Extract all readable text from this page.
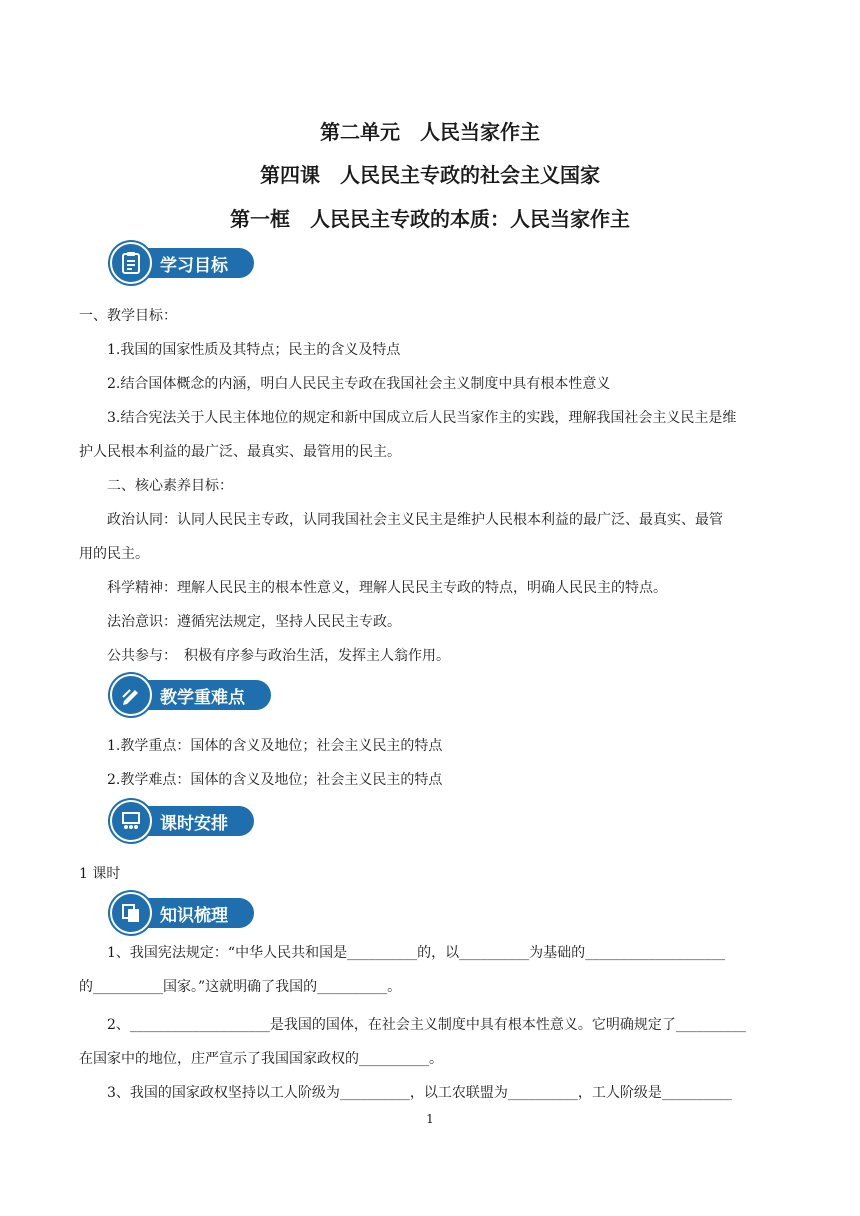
第二单元　人民当家作主
第四课　人民民主专政的社会主义国家
第一框　人民民主专政的本质：人民当家作主
学习目标
一、教学目标：
1.我国的国家性质及其特点；民主的含义及特点
2.结合国体概念的内涵，明白人民民主专政在我国社会主义制度中具有根本性意义
3.结合宪法关于人民主体地位的规定和新中国成立后人民当家作主的实践，理解我国社会主义民主是维
护人民根本利益的最广泛、最真实、最管用的民主。
二、核心素养目标：
政治认同：认同人民民主专政，认同我国社会主义民主是维护人民根本利益的最广泛、最真实、最管
用的民主。
科学精神：理解人民民主的根本性意义，理解人民民主专政的特点，明确人民民主的特点。
法治意识：遵循宪法规定，坚持人民民主专政。
公共参与：　积极有序参与政治生活，发挥主人翁作用。
教学重难点
1.教学重点：国体的含义及地位；社会主义民主的特点
2.教学难点：国体的含义及地位；社会主义民主的特点
课时安排
1 课时
知识梳理
1、我国宪法规定：“中华人民共和国是__________的，以__________为基础的____________________
的__________国家。”这就明确了我国的__________。
2、____________________是我国的国体，在社会主义制度中具有根本性意义。它明确规定了__________
在国家中的地位，庄严宣示了我国国家政权的__________。
3、我国的国家政权坚持以工人阶级为__________，以工农联盟为__________，工人阶级是__________
1
